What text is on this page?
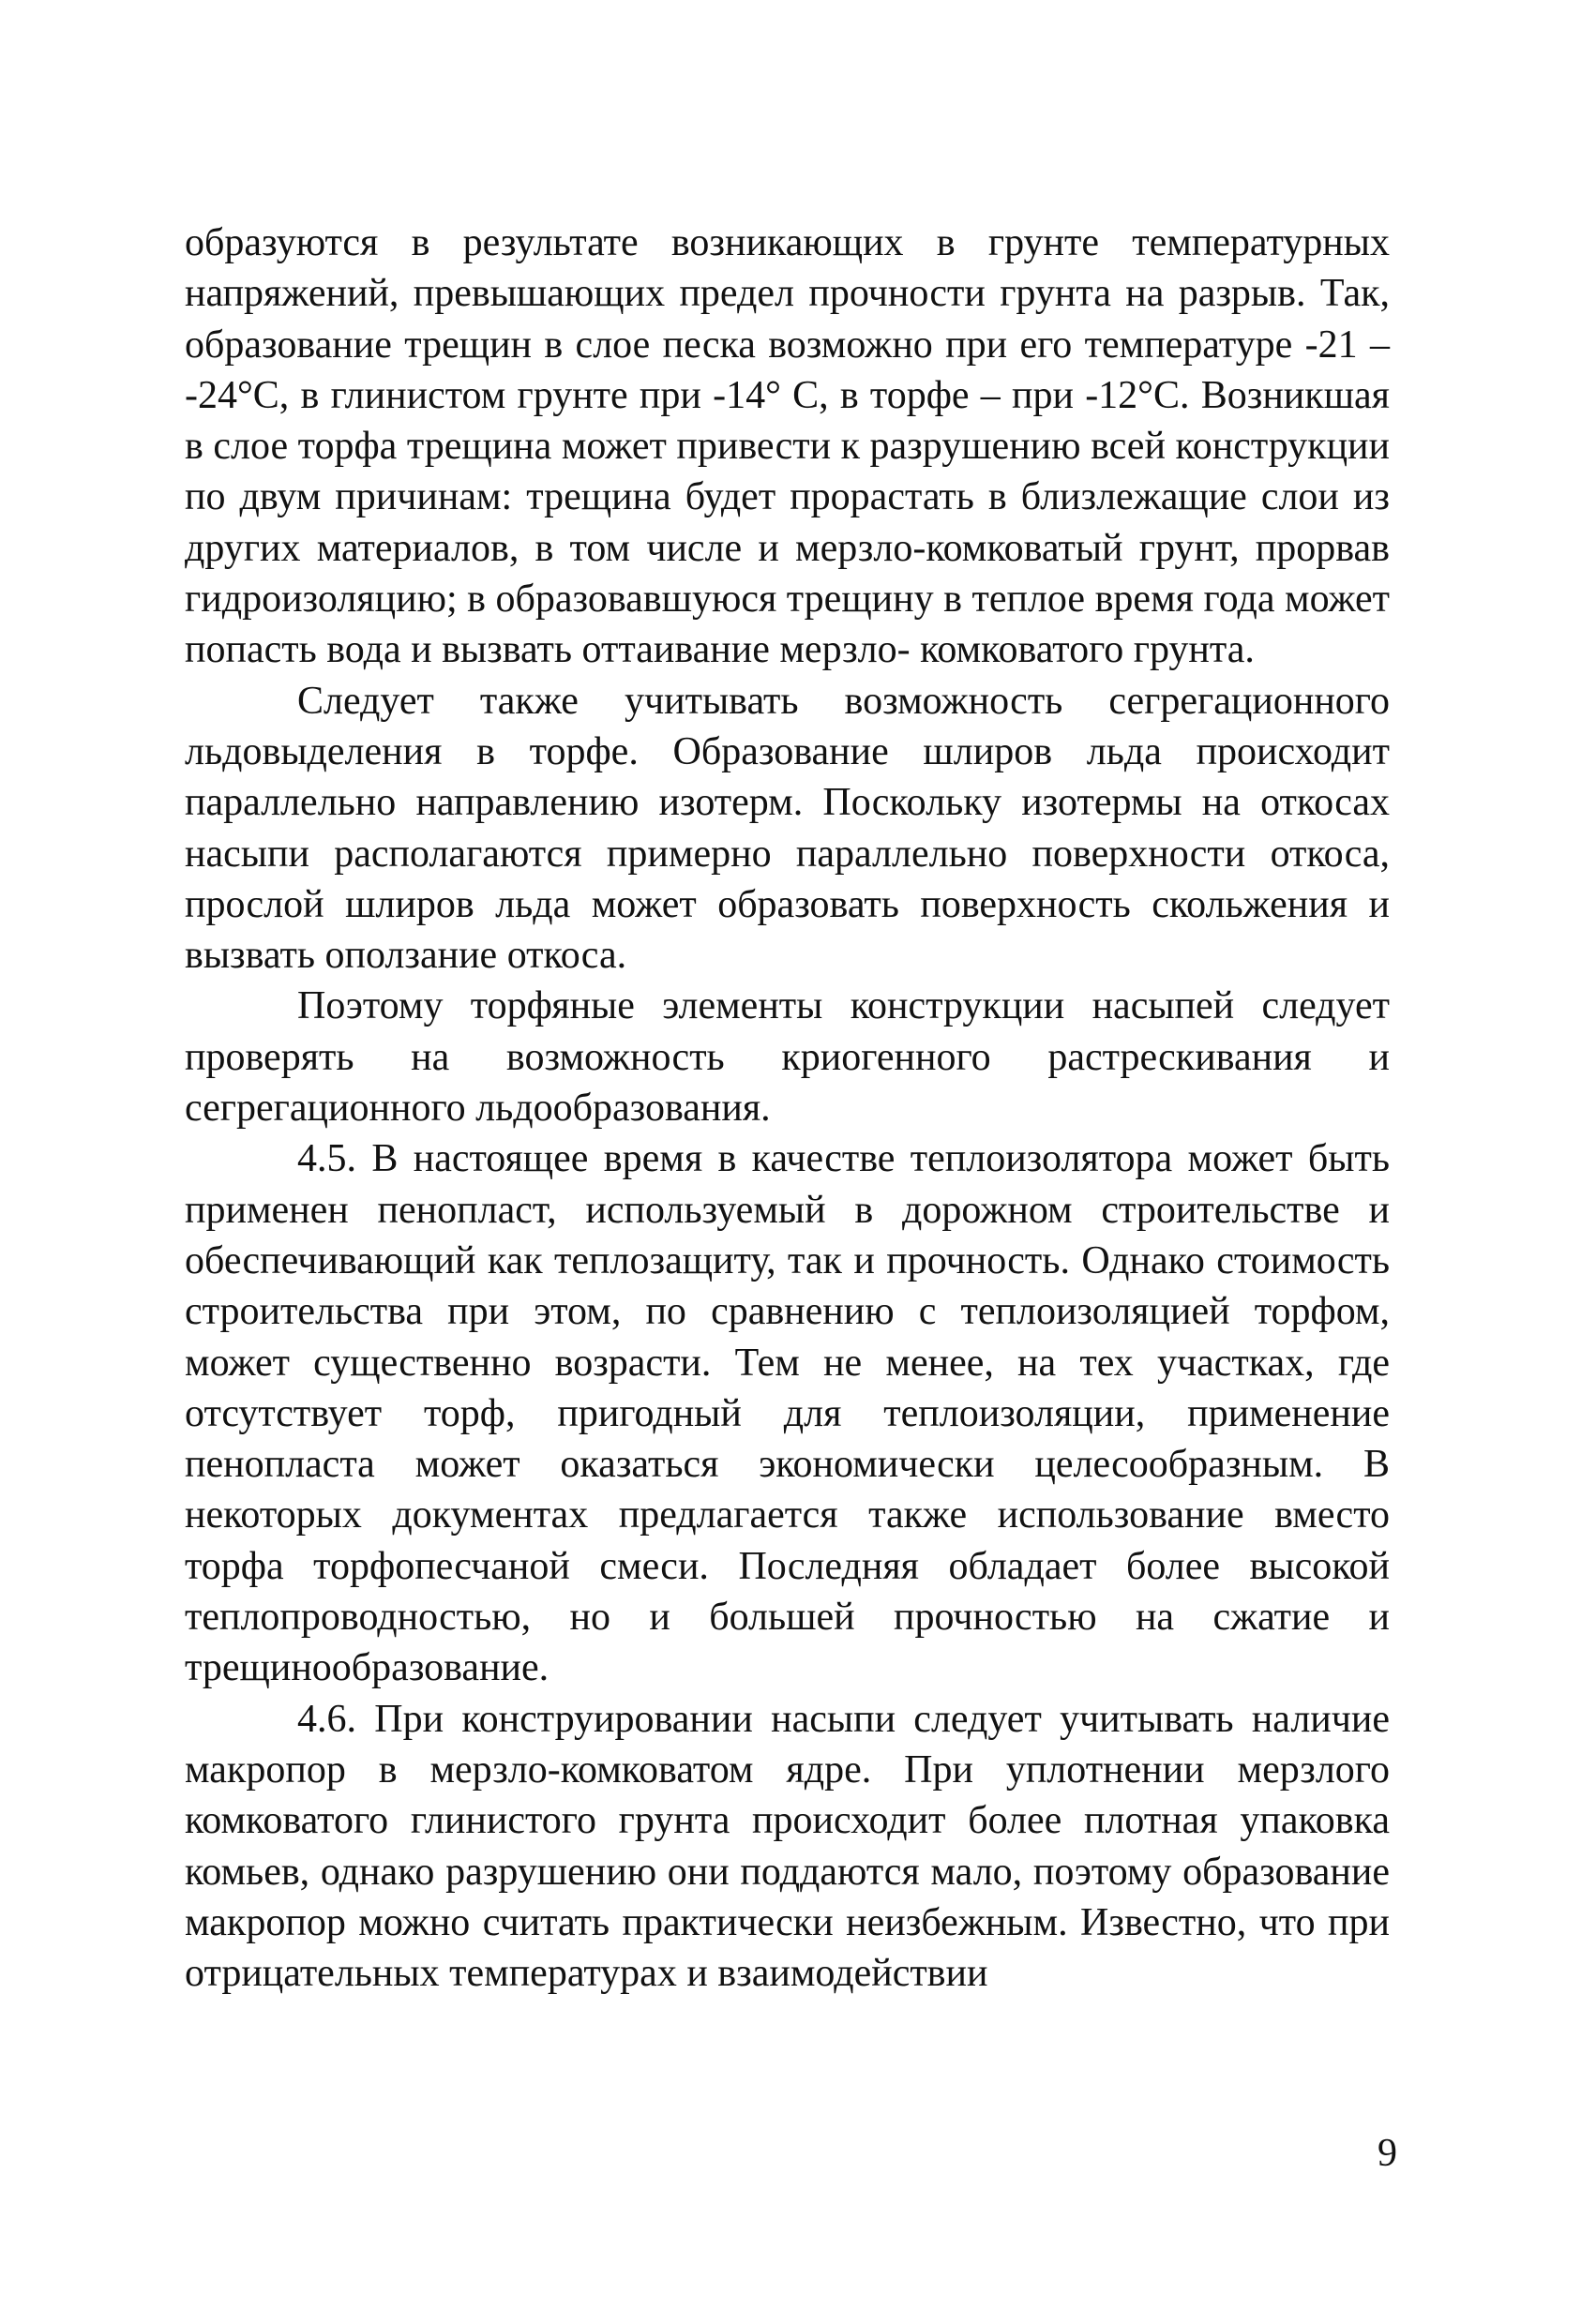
образуются в результате возникающих в грунте температурных напряжений, превышающих предел прочности грунта на разрыв. Так, образование трещин в слое песка возможно при его температуре -21 – -24°С, в глинистом грунте при -14° С, в торфе – при -12°С. Возникшая в слое торфа трещина может привести к разрушению всей конструкции по двум причинам: трещина будет прорастать в близлежащие слои из других материалов, в том числе и мерзло-комковатый грунт, прорвав гидроизоляцию; в образовавшуюся трещину в теплое время года может попасть вода и вызвать оттаивание мерзло- комковатого грунта.

Следует также учитывать возможность сегрегационного льдовыделения в торфе. Образование шлиров льда происходит параллельно направлению изотерм. Поскольку изотермы на откосах насыпи располагаются примерно параллельно поверхности откоса, прослой шлиров льда может образовать поверхность скольжения и вызвать оползание откоса.

Поэтому торфяные элементы конструкции насыпей следует проверять на возможность криогенного растрескивания и сегрегационного льдообразования.

4.5. В настоящее время в качестве теплоизолятора может быть применен пенопласт, используемый в дорожном строительстве и обеспечивающий как теплозащиту, так и прочность. Однако стоимость строительства при этом, по сравнению с теплоизоляцией торфом, может существенно возрасти. Тем не менее, на тех участках, где отсутствует торф, пригодный для теплоизоляции, применение пенопласта может оказаться экономически целесообразным. В некоторых документах предлагается также использование вместо торфа торфопесчаной смеси. Последняя обладает более высокой теплопроводностью, но и большей прочностью на сжатие и трещинообразование.

4.6. При конструировании насыпи следует учитывать наличие макропор в мерзло-комковатом ядре. При уплотнении мерзлого комковатого глинистого грунта происходит более плотная упаковка комьев, однако разрушению они поддаются мало, поэтому образование макропор можно считать практически неизбежным. Известно, что при отрицательных температурах и взаимодействии

9
